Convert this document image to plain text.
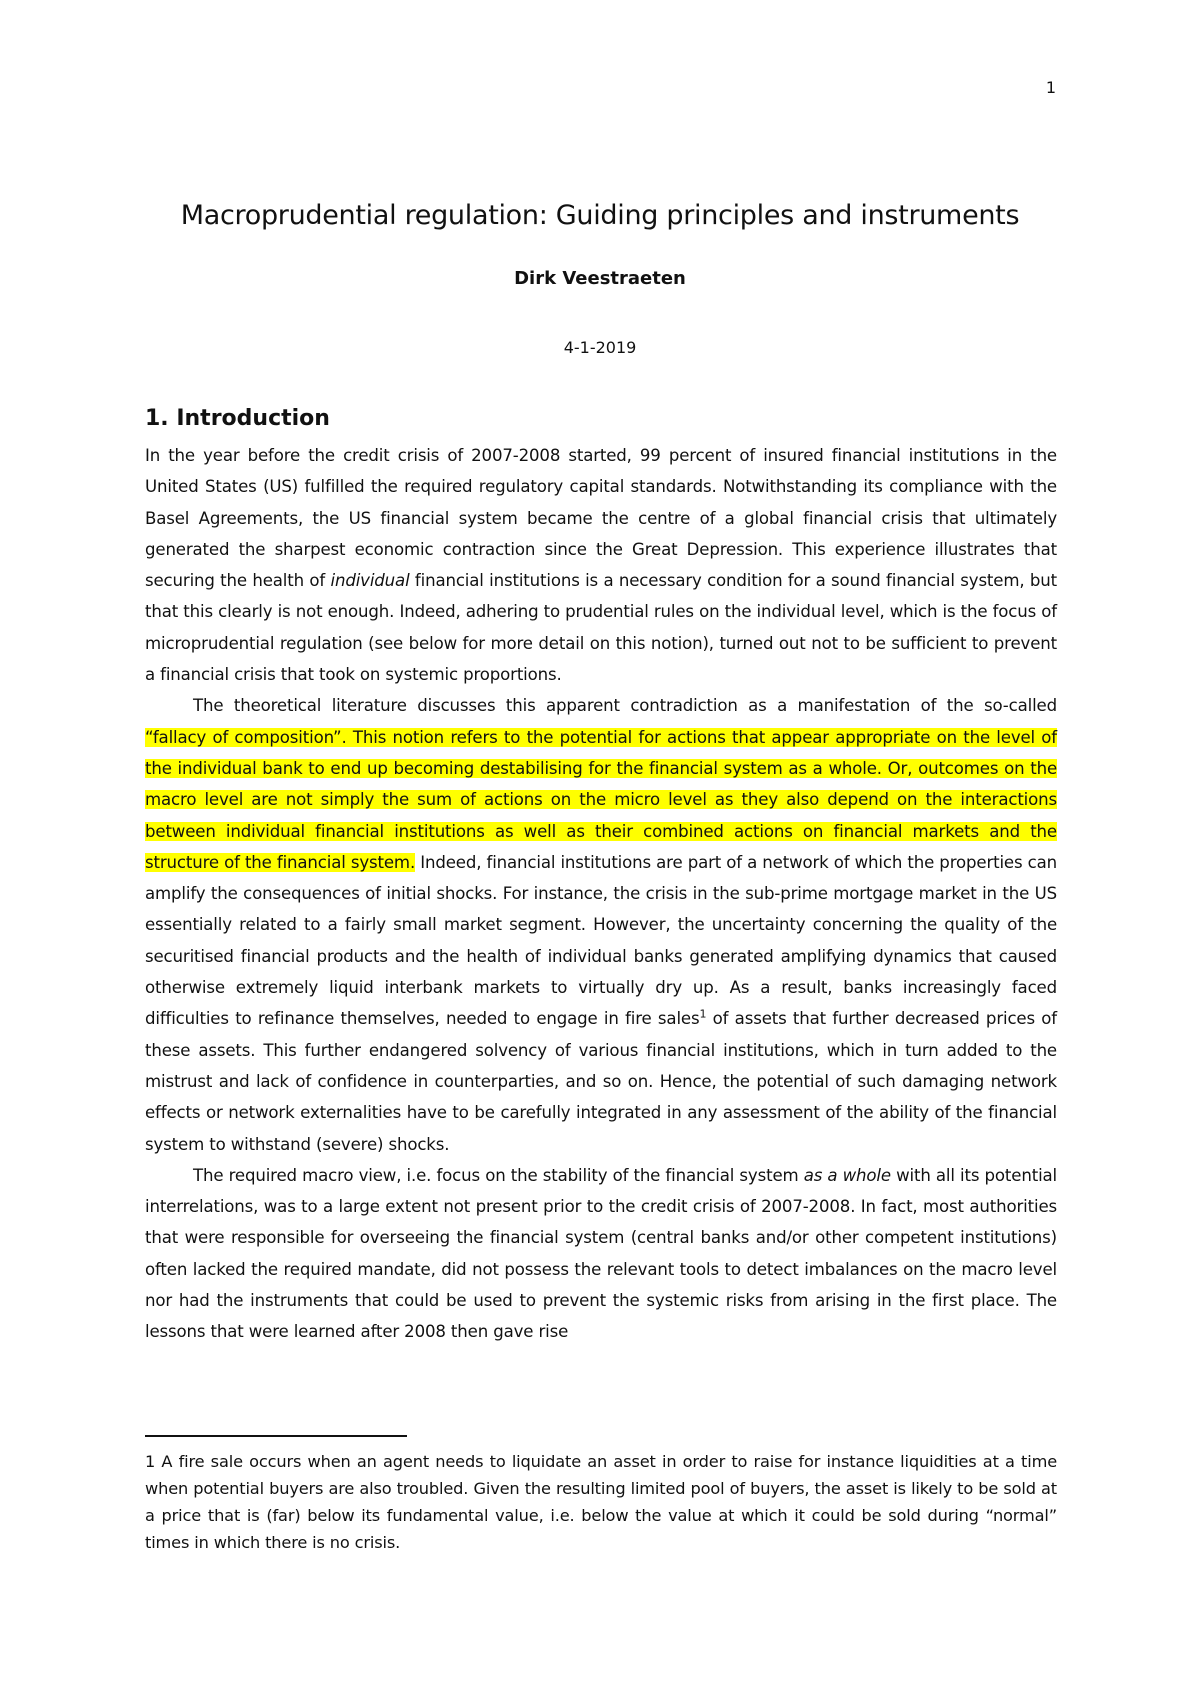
1
Macroprudential regulation: Guiding principles and instruments
Dirk Veestraeten
4-1-2019
1. Introduction

In the year before the credit crisis of 2007-2008 started, 99 percent of insured financial institutions in the United States (US) fulfilled the required regulatory capital standards. Notwithstanding its compliance with the Basel Agreements, the US financial system became the centre of a global financial crisis that ultimately generated the sharpest economic contraction since the Great Depression. This experience illustrates that securing the health of individual financial institutions is a necessary condition for a sound financial system, but that this clearly is not enough. Indeed, adhering to prudential rules on the individual level, which is the focus of microprudential regulation (see below for more detail on this notion), turned out not to be sufficient to prevent a financial crisis that took on systemic proportions.

The theoretical literature discusses this apparent contradiction as a manifestation of the so-called “fallacy of composition”. This notion refers to the potential for actions that appear appropriate on the level of the individual bank to end up becoming destabilising for the financial system as a whole. Or, outcomes on the macro level are not simply the sum of actions on the micro level as they also depend on the interactions between individual financial institutions as well as their combined actions on financial markets and the structure of the financial system. Indeed, financial institutions are part of a network of which the properties can amplify the consequences of initial shocks. For instance, the crisis in the sub-prime mortgage market in the US essentially related to a fairly small market segment. However, the uncertainty concerning the quality of the securitised financial products and the health of individual banks generated amplifying dynamics that caused otherwise extremely liquid interbank markets to virtually dry up. As a result, banks increasingly faced difficulties to refinance themselves, needed to engage in fire sales$^1$ of assets that further decreased prices of these assets. This further endangered solvency of various financial institutions, which in turn added to the mistrust and lack of confidence in counterparties, and so on. Hence, the potential of such damaging network effects or network externalities have to be carefully integrated in any assessment of the ability of the financial system to withstand (severe) shocks.

The required macro view, i.e. focus on the stability of the financial system as a whole with all its potential interrelations, was to a large extent not present prior to the credit crisis of 2007-2008. In fact, most authorities that were responsible for overseeing the financial system (central banks and/or other competent institutions) often lacked the required mandate, did not possess the relevant tools to detect imbalances on the macro level nor had the instruments that could be used to prevent the systemic risks from arising in the first place. The lessons that were learned after 2008 then gave rise

1 A fire sale occurs when an agent needs to liquidate an asset in order to raise for instance liquidities at a time when potential buyers are also troubled. Given the resulting limited pool of buyers, the asset is likely to be sold at a price that is (far) below its fundamental value, i.e. below the value at which it could be sold during “normal” times in which there is no crisis.
